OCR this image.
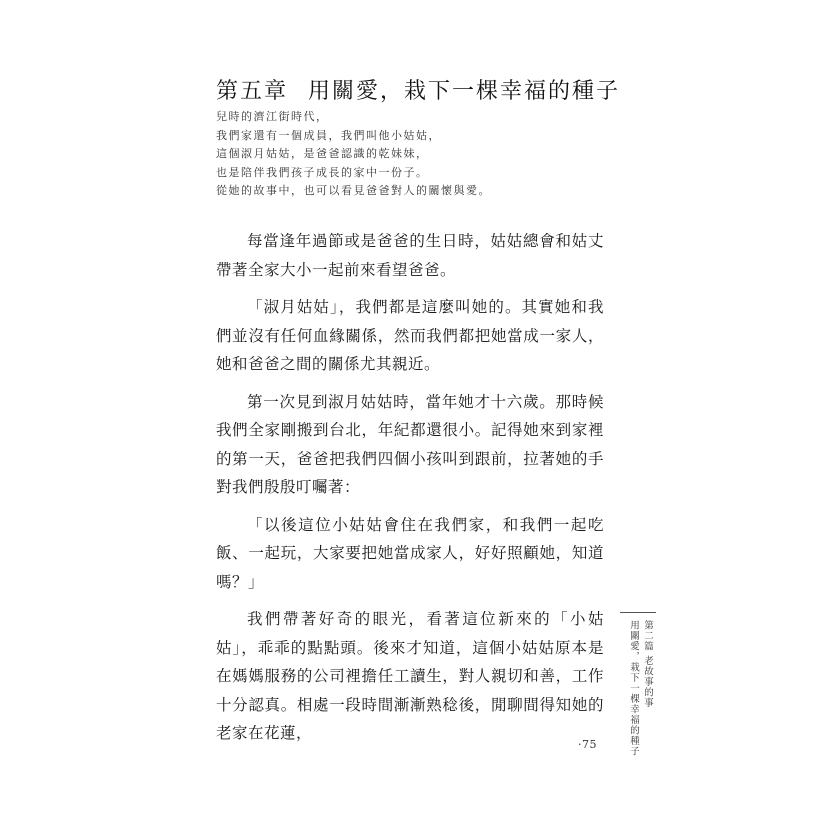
第五章 用關愛，栽下一棵幸福的種子
兒時的濟江街時代，
我們家還有一個成員，我們叫他小姑姑，
這個淑月姑姑，是爸爸認識的乾妹妹，
也是陪伴我們孩子成長的家中一份子。
從她的故事中，也可以看見爸爸對人的關懷與愛。

每當逢年過節或是爸爸的生日時，姑姑總會和姑丈帶著全家大小一起前來看望爸爸。

「淑月姑姑」，我們都是這麼叫她的。其實她和我們並沒有任何血緣關係，然而我們都把她當成一家人，她和爸爸之間的關係尤其親近。

第一次見到淑月姑姑時，當年她才十六歲。那時候我們全家剛搬到台北，年紀都還很小。記得她來到家裡的第一天，爸爸把我們四個小孩叫到跟前，拉著她的手對我們殷殷叮囑著：

「以後這位小姑姑會住在我們家，和我們一起吃飯、一起玩，大家要把她當成家人，好好照顧她，知道嗎？」

我們帶著好奇的眼光，看著這位新來的「小姑姑」，乖乖的點點頭。後來才知道，這個小姑姑原本是在媽媽服務的公司裡擔任工讀生，對人親切和善，工作十分認真。相處一段時間漸漸熟稔後，閒聊間得知她的老家在花蓮，

第二篇 老故事的事
用關愛，栽下一棵幸福的種子
·75
